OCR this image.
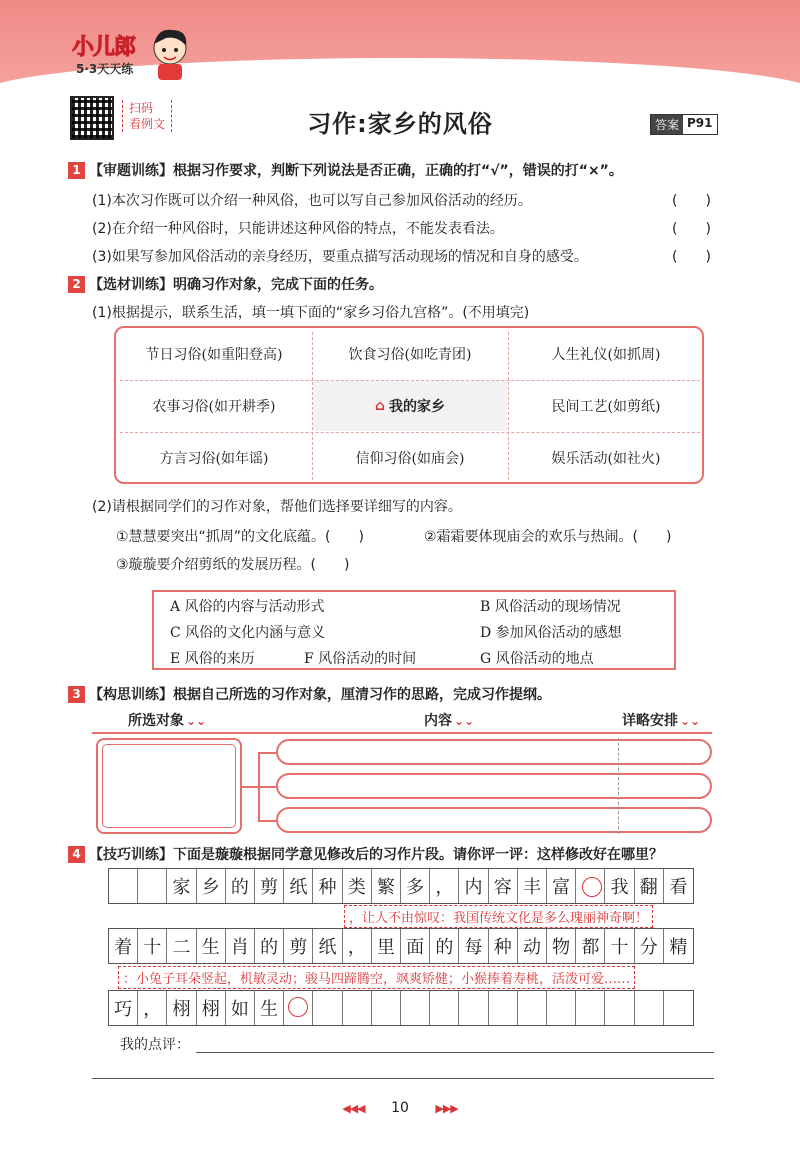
小儿郎
5·3天天练
扫码
看例文	习作:家乡的风俗	答案 P91
1 【审题训练】根据习作要求，判断下列说法是否正确，正确的打“√”，错误的打“×”。
(1)本次习作既可以介绍一种风俗，也可以写自己参加风俗活动的经历。	(　　)
(2)在介绍一种风俗时，只能讲述这种风俗的特点，不能发表看法。	(　　)
(3)如果写参加风俗活动的亲身经历，要重点描写活动现场的情况和自身的感受。	(　　)
2 【选材训练】明确习作对象，完成下面的任务。
(1)根据提示，联系生活，填一填下面的“家乡习俗九宫格”。(不用填完)
节日习俗(如重阳登高)	饮食习俗(如吃青团)	人生礼仪(如抓周)
农事习俗(如开耕季)	⌂ 我的家乡	民间工艺(如剪纸)
方言习俗(如年谣)	信仰习俗(如庙会)	娱乐活动(如社火)
(2)请根据同学们的习作对象，帮他们选择要详细写的内容。
①慧慧要突出“抓周”的文化底蕴。(　　)	②霜霜要体现庙会的欢乐与热闹。(　　)
③璇璇要介绍剪纸的发展历程。(　　)
A 风俗的内容与活动形式	B 风俗活动的现场情况
C 风俗的文化内涵与意义	D 参加风俗活动的感想
E 风俗的来历	F 风俗活动的时间	G 风俗活动的地点
3 【构思训练】根据自己所选的习作对象，厘清习作的思路，完成习作提纲。
所选对象 ⌄⌄	内容 ⌄⌄	详略安排 ⌄⌄
4 【技巧训练】下面是璇璇根据同学意见修改后的习作片段。请你评一评：这样修改好在哪里？
家 乡 的 剪 纸 种 类 繁 多 ， 内 容 丰 富	我 翻 看
，让人不由惊叹：我国传统文化是多么瑰丽神奇啊！
着 十 二 生 肖 的 剪 纸 ， 里 面 的 每 种 动 物 都 十 分 精
：小兔子耳朵竖起，机敏灵动；骏马四蹄腾空，飒爽矫健；小猴捧着寿桃，活泼可爱……
巧 ， 栩 栩 如 生
我的点评：
◀◀◀ 10 ▶▶▶
